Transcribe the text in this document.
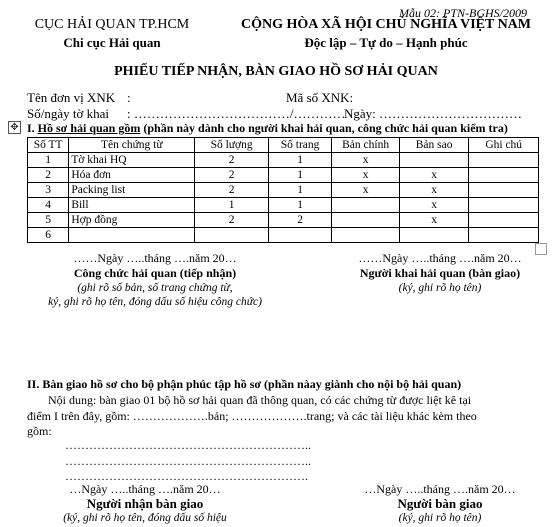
Mẫu 02: PTN-BGHS/2009
CỤC HẢI QUAN TP.HCM
Chi cục Hải quan
CỘNG HÒA XÃ HỘI CHỦ NGHĨA VIỆT NAM
Độc lập – Tự do – Hạnh phúc
PHIẾU TIẾP NHẬN, BÀN GIAO HỒ SƠ HẢI QUAN
Tên đơn vị XNK :	Mã số XNK:
Số/ngày tờ khai : ………………………………/…………
Ngày: ……………………………
✥ I. Hồ sơ hải quan gồm (phần này dành cho người khai hải quan, công chức hải quan kiểm tra)
Số TT	Tên chứng từ	Số lượng	Số trang	Bản chính	Bản sao	Ghi chú
1	Tờ khai HQ	2	1	x		
2	Hóa đơn	2	1	x	x	
3	Packing list	2	1	x	x	
4	Bill	1	1		x	
5	Hợp đồng	2	2		x	
6						
……Ngày …..tháng ….năm 20…
Công chức hải quan (tiếp nhận)
(ghi rõ số bản, số trang chứng từ,
ký, ghi rõ họ tên, đóng dấu số hiệu công chức)
……Ngày …..tháng ….năm 20…
Người khai hải quan (bàn giao)
(ký, ghi rõ họ tên)
II. Bàn giao hồ sơ cho bộ phận phúc tập hồ sơ (phần nàay giành cho nội bộ hải quan)
Nội dung: bàn giao 01 bộ hồ sơ hải quan đã thông quan, có các chứng từ được liệt kê tại
điểm I trên đây, gồm: ……………….bản; ……………….trang; và các tài liệu khác kèm theo
gồm:
……………………………………………………..
……………………………………………………..
…………………………………………………….
…Ngày …..tháng ….năm 20…
Người nhận bàn giao
(ký, ghi rõ họ tên, đóng dấu số hiệu
…Ngày …..tháng ….năm 20…
Người bàn giao
(ký, ghi rõ họ tên)
